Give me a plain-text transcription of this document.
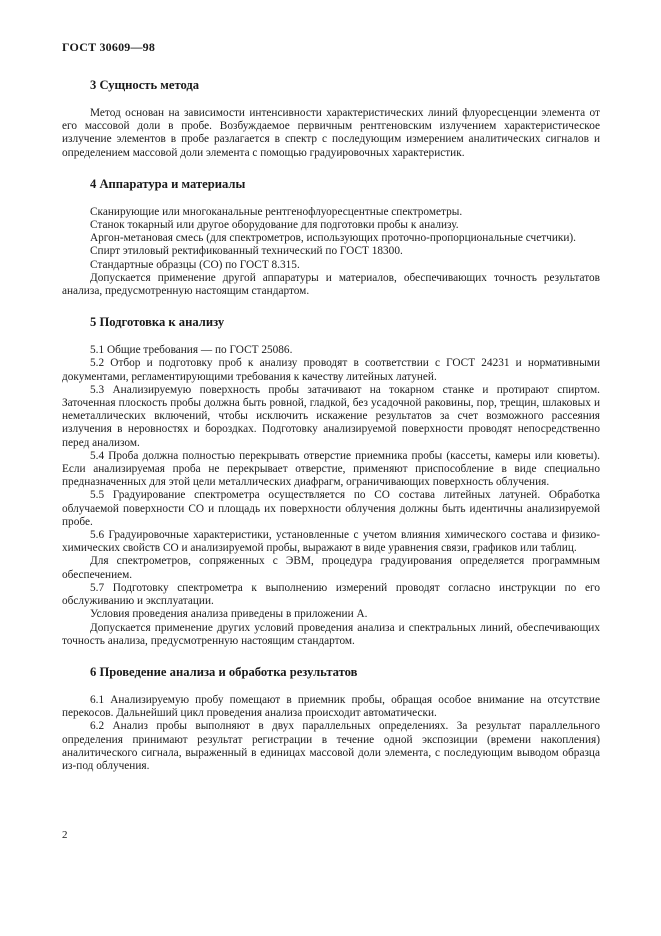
ГОСТ 30609—98
3 Сущность метода

Метод основан на зависимости интенсивности характеристических линий флуоресценции элемента от его массовой доли в пробе. Возбуждаемое первичным рентгеновским излучением характеристическое излучение элементов в пробе разлагается в спектр с последующим измерением аналитических сигналов и определением массовой доли элемента с помощью градуировочных характеристик.

4 Аппаратура и материалы

Сканирующие или многоканальные рентгенофлуоресцентные спектрометры.

Станок токарный или другое оборудование для подготовки пробы к анализу.

Аргон-метановая смесь (для спектрометров, использующих проточно-пропорциональные счетчики).

Спирт этиловый ректификованный технический по ГОСТ 18300.

Стандартные образцы (СО) по ГОСТ 8.315.

Допускается применение другой аппаратуры и материалов, обеспечивающих точность результатов анализа, предусмотренную настоящим стандартом.

5 Подготовка к анализу

5.1 Общие требования — по ГОСТ 25086.

5.2 Отбор и подготовку проб к анализу проводят в соответствии с ГОСТ 24231 и нормативными документами, регламентирующими требования к качеству литейных латуней.

5.3 Анализируемую поверхность пробы затачивают на токарном станке и протирают спиртом. Заточенная плоскость пробы должна быть ровной, гладкой, без усадочной раковины, пор, трещин, шлаковых и неметаллических включений, чтобы исключить искажение результатов за счет возможного рассеяния излучения в неровностях и бороздках. Подготовку анализируемой поверхности проводят непосредственно перед анализом.

5.4 Проба должна полностью перекрывать отверстие приемника пробы (кассеты, камеры или кюветы). Если анализируемая проба не перекрывает отверстие, применяют приспособление в виде специально предназначенных для этой цели металлических диафрагм, ограничивающих поверхность облучения.

5.5 Градуирование спектрометра осуществляется по СО состава литейных латуней. Обработка облучаемой поверхности СО и площадь их поверхности облучения должны быть идентичны анализируемой пробе.

5.6 Градуировочные характеристики, установленные с учетом влияния химического состава и физико-химических свойств СО и анализируемой пробы, выражают в виде уравнения связи, графиков или таблиц.

Для спектрометров, сопряженных с ЭВМ, процедура градуирования определяется программным обеспечением.

5.7 Подготовку спектрометра к выполнению измерений проводят согласно инструкции по его обслуживанию и эксплуатации.

Условия проведения анализа приведены в приложении А.

Допускается применение других условий проведения анализа и спектральных линий, обеспечивающих точность анализа, предусмотренную настоящим стандартом.

6 Проведение анализа и обработка результатов

6.1 Анализируемую пробу помещают в приемник пробы, обращая особое внимание на отсутствие перекосов. Дальнейший цикл проведения анализа происходит автоматически.

6.2 Анализ пробы выполняют в двух параллельных определениях. За результат параллельного определения принимают результат регистрации в течение одной экспозиции (времени накопления) аналитического сигнала, выраженный в единицах массовой доли элемента, с последующим выводом образца из-под облучения.

2
